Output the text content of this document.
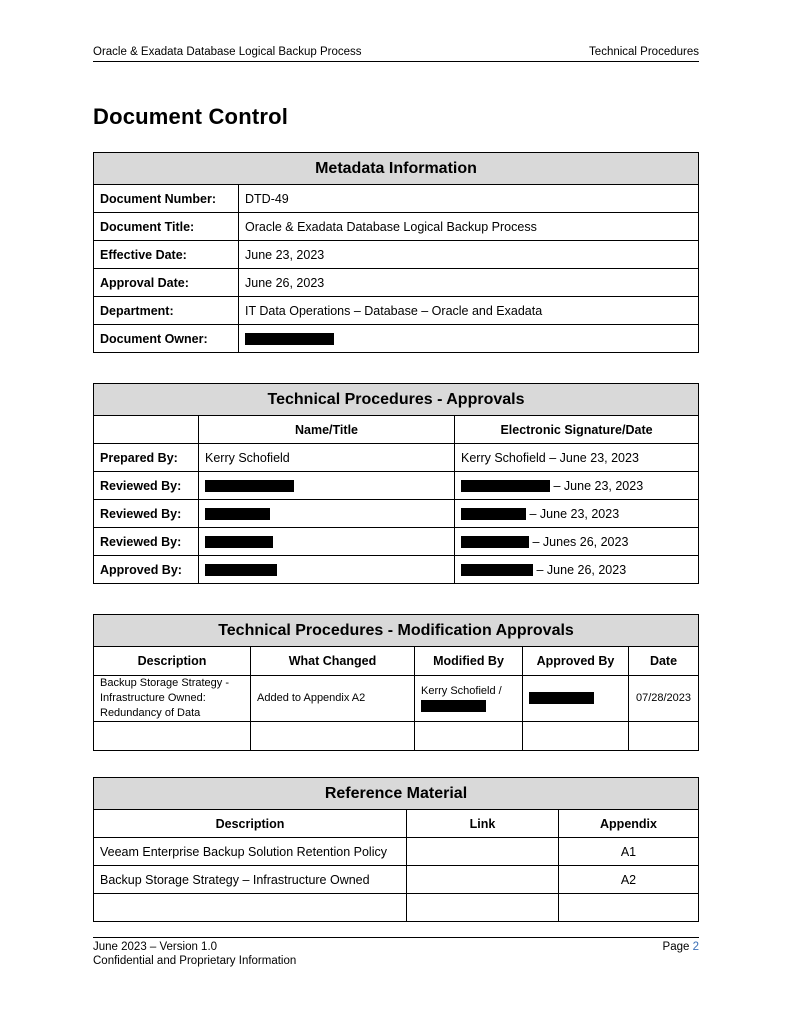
Oracle & Exadata Database Logical Backup Process	Technical Procedures
Document Control
Metadata Information	
Document Number:	DTD-49
Document Title:	Oracle & Exadata Database Logical Backup Process
Effective Date:	June 23, 2023
Approval Date:	June 26, 2023
Department:	IT Data Operations – Database – Oracle and Exadata
Document Owner:	
Technical Procedures - Approvals		
	Name/Title	Electronic Signature/Date
Prepared By:	Kerry Schofield	Kerry Schofield – June 23, 2023
Reviewed By:		– June 23, 2023
Reviewed By:		– June 23, 2023
Reviewed By:		– Junes 26, 2023
Approved By:		– June 26, 2023
Technical Procedures - Modification Approvals				
Description	What Changed	Modified By	Approved By	Date
Backup Storage Strategy - Infrastructure Owned: Redundancy of Data	Added to Appendix A2	Kerry Schofield /		07/28/2023

Reference Material		
Description	Link	Appendix
Veeam Enterprise Backup Solution Retention Policy		A1
Backup Storage Strategy – Infrastructure Owned		A2

June 2023 – Version 1.0
Confidential and Proprietary Information
Page 2
